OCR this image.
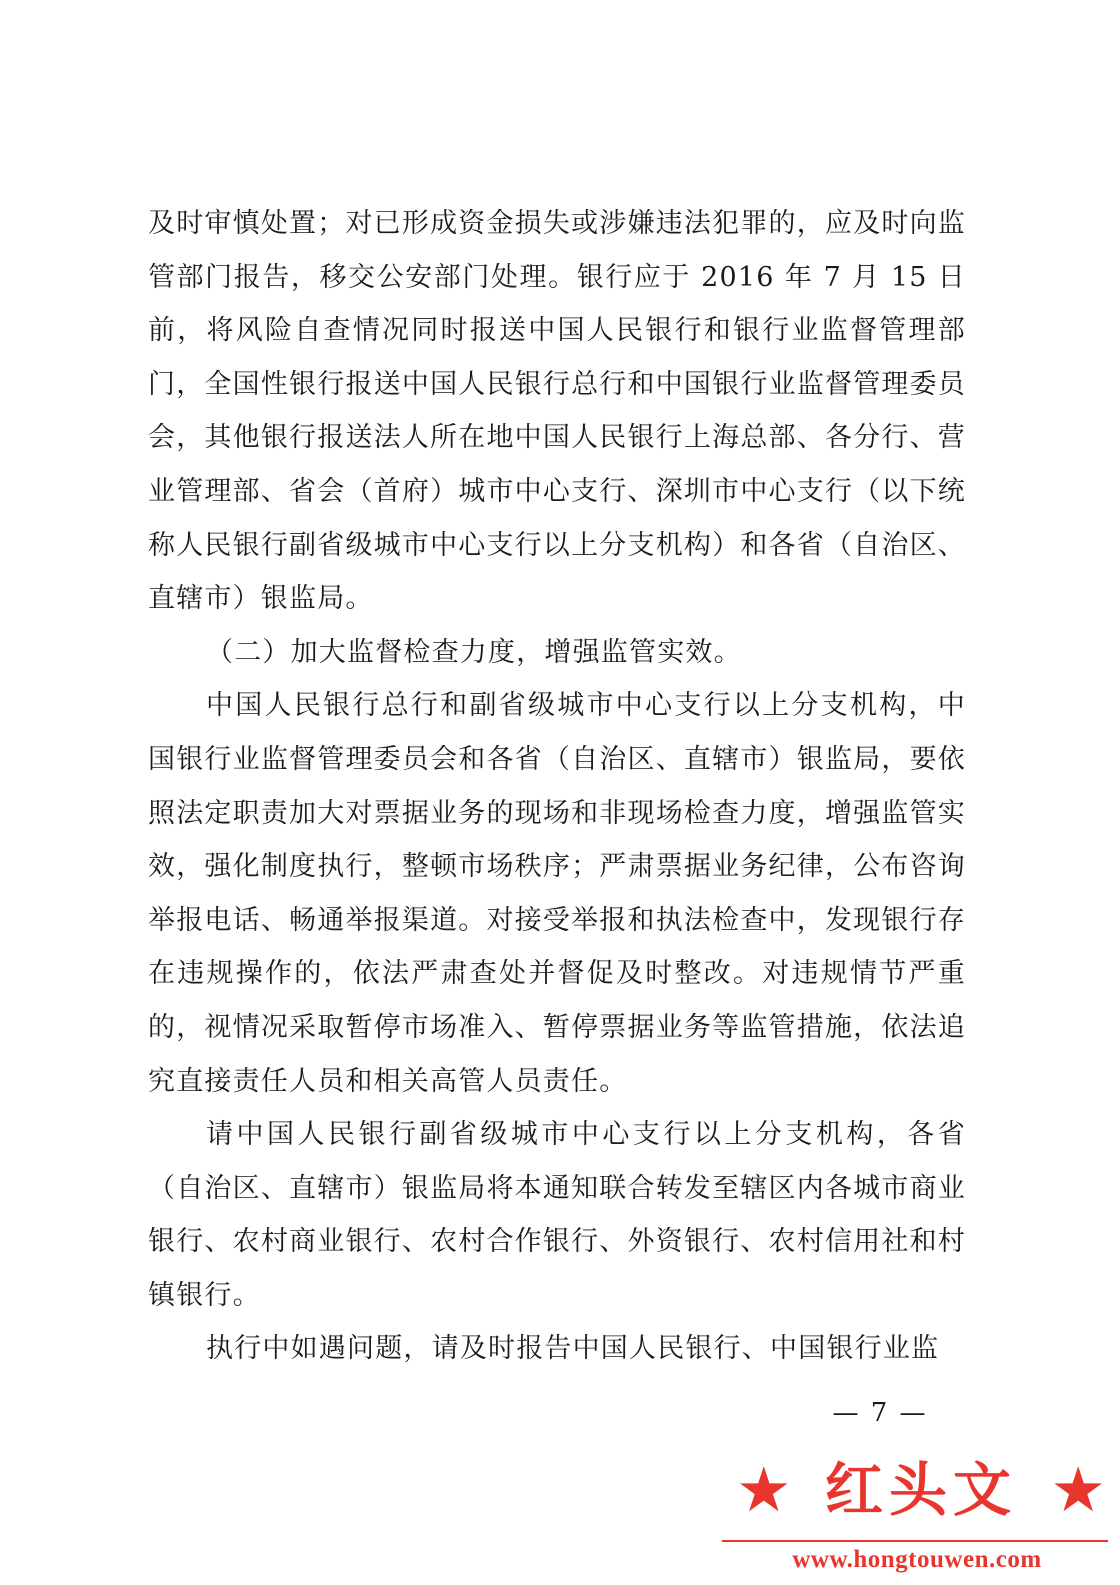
及时审慎处置；对已形成资金损失或涉嫌违法犯罪的，应及时向监管部门报告，移交公安部门处理。银行应于 2016 年 7 月 15 日前，将风险自查情况同时报送中国人民银行和银行业监督管理部门，全国性银行报送中国人民银行总行和中国银行业监督管理委员会，其他银行报送法人所在地中国人民银行上海总部、各分行、营业管理部、省会（首府）城市中心支行、深圳市中心支行（以下统称人民银行副省级城市中心支行以上分支机构）和各省（自治区、直辖市）银监局。

（二）加大监督检查力度，增强监管实效。

中国人民银行总行和副省级城市中心支行以上分支机构，中国银行业监督管理委员会和各省（自治区、直辖市）银监局，要依照法定职责加大对票据业务的现场和非现场检查力度，增强监管实效，强化制度执行，整顿市场秩序；严肃票据业务纪律，公布咨询举报电话、畅通举报渠道。对接受举报和执法检查中，发现银行存在违规操作的，依法严肃查处并督促及时整改。对违规情节严重的，视情况采取暂停市场准入、暂停票据业务等监管措施，依法追究直接责任人员和相关高管人员责任。

请中国人民银行副省级城市中心支行以上分支机构，各省（自治区、直辖市）银监局将本通知联合转发至辖区内各城市商业银行、农村商业银行、农村合作银行、外资银行、农村信用社和村镇银行。

执行中如遇问题，请及时报告中国人民银行、中国银行业监

— 7 —
★ 红头文 ★
www.hongtouwen.com
